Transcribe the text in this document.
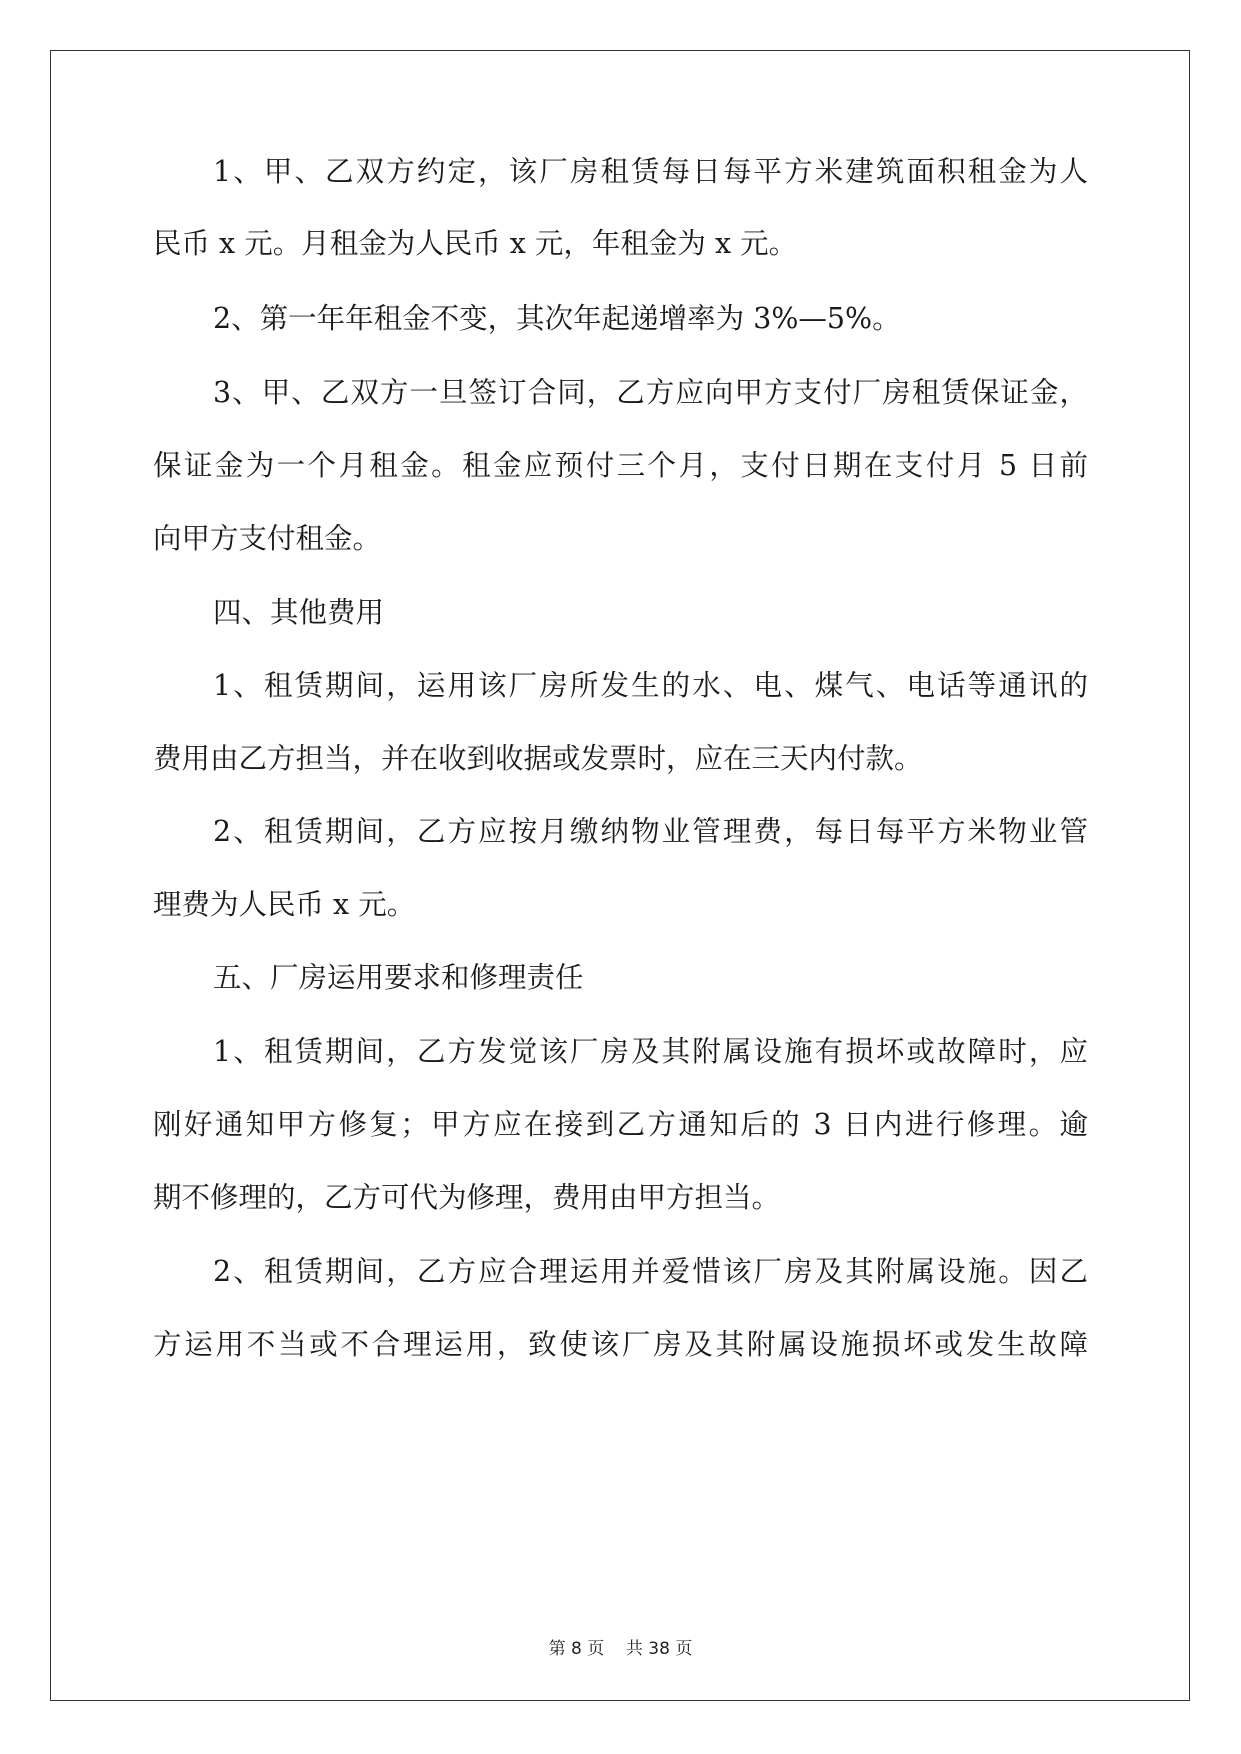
1、甲、乙双方约定，该厂房租赁每日每平方米建筑面积租金为人
民币 x 元。月租金为人民币 x 元，年租金为 x 元。
2、第一年年租金不变，其次年起递增率为 3%—5%。
3、甲、乙双方一旦签订合同，乙方应向甲方支付厂房租赁保证金，
保证金为一个月租金。租金应预付三个月，支付日期在支付月 5 日前
向甲方支付租金。
四、其他费用
1、租赁期间，运用该厂房所发生的水、电、煤气、电话等通讯的
费用由乙方担当，并在收到收据或发票时，应在三天内付款。
2、租赁期间，乙方应按月缴纳物业管理费，每日每平方米物业管
理费为人民币 x 元。
五、厂房运用要求和修理责任
1、租赁期间，乙方发觉该厂房及其附属设施有损坏或故障时，应
刚好通知甲方修复；甲方应在接到乙方通知后的 3 日内进行修理。逾
期不修理的，乙方可代为修理，费用由甲方担当。
2、租赁期间，乙方应合理运用并爱惜该厂房及其附属设施。因乙
方运用不当或不合理运用，致使该厂房及其附属设施损坏或发生故障
第 8 页    共 38 页
